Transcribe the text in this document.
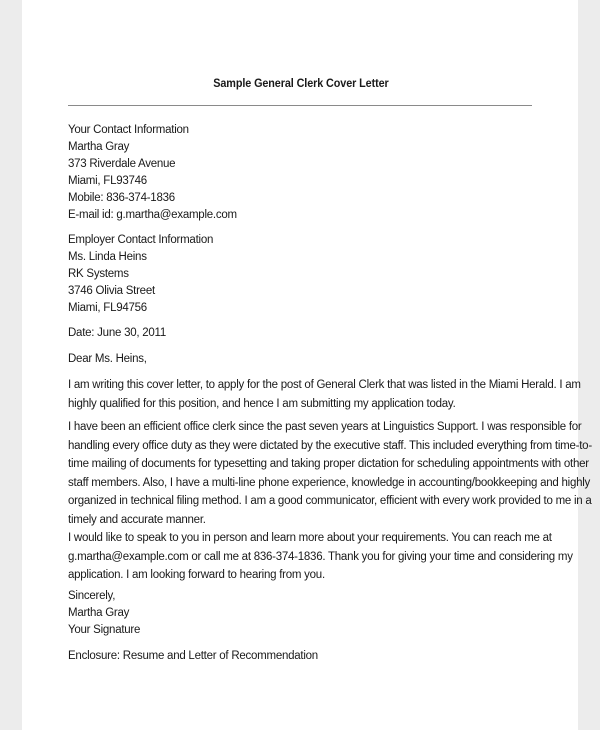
Sample General Clerk Cover Letter
Your Contact Information
Martha Gray
373 Riverdale Avenue
Miami, FL93746
Mobile: 836-374-1836
E-mail id: g.martha@example.com
Employer Contact Information
Ms. Linda Heins
RK Systems
3746 Olivia Street
Miami, FL94756
Date: June 30, 2011
Dear Ms. Heins,
I am writing this cover letter, to apply for the post of General Clerk that was listed in the Miami Herald. I am
highly qualified for this position, and hence I am submitting my application today.
I have been an efficient office clerk since the past seven years at Linguistics Support. I was responsible for
handling every office duty as they were dictated by the executive staff. This included everything from time-to-
time mailing of documents for typesetting and taking proper dictation for scheduling appointments with other
staff members. Also, I have a multi-line phone experience, knowledge in accounting/bookkeeping and highly
organized in technical filing method. I am a good communicator, efficient with every work provided to me in a
timely and accurate manner.
I would like to speak to you in person and learn more about your requirements. You can reach me at
g.martha@example.com or call me at 836-374-1836. Thank you for giving your time and considering my
application. I am looking forward to hearing from you.
Sincerely,
Martha Gray
Your Signature
Enclosure: Resume and Letter of Recommendation
